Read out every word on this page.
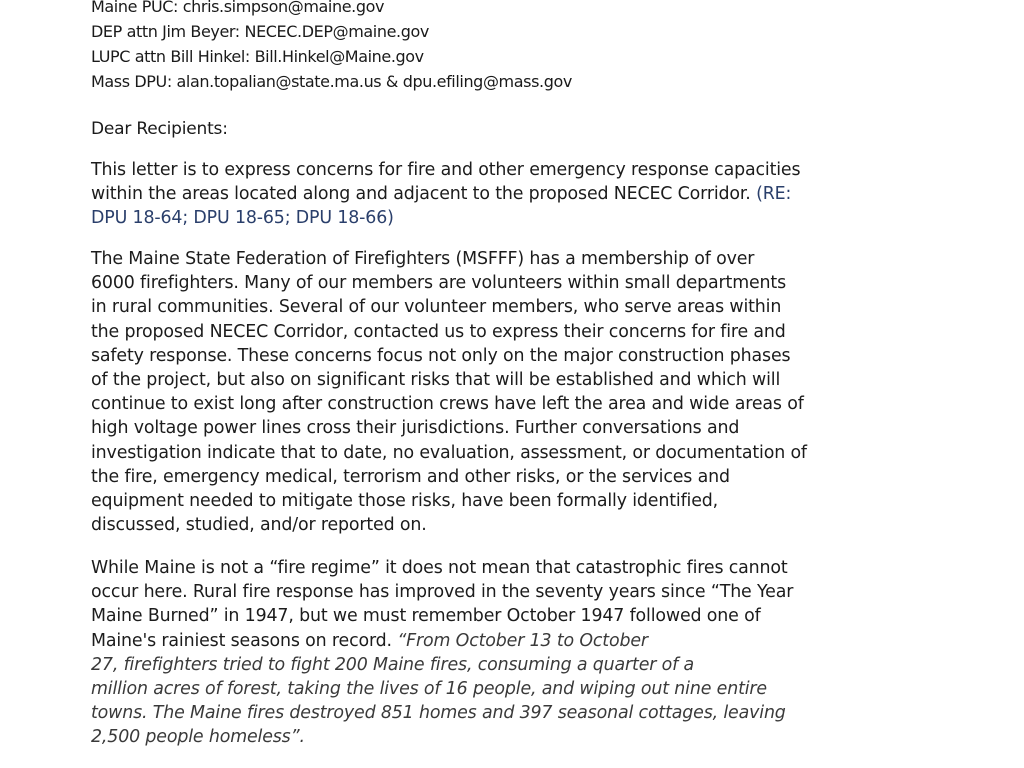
Maine PUC: chris.simpson@maine.gov
DEP attn Jim Beyer: NECEC.DEP@maine.gov
LUPC attn Bill Hinkel: Bill.Hinkel@Maine.gov
Mass DPU: alan.topalian@state.ma.us & dpu.efiling@mass.gov
Dear Recipients:
This letter is to express concerns for fire and other emergency response capacities
within the areas located along and adjacent to the proposed NECEC Corridor. (RE:
DPU 18-64; DPU 18-65; DPU 18-66)
The Maine State Federation of Firefighters (MSFFF) has a membership of over
6000 firefighters. Many of our members are volunteers within small departments
in rural communities. Several of our volunteer members, who serve areas within
the proposed NECEC Corridor, contacted us to express their concerns for fire and
safety response. These concerns focus not only on the major construction phases
of the project, but also on significant risks that will be established and which will
continue to exist long after construction crews have left the area and wide areas of
high voltage power lines cross their jurisdictions. Further conversations and
investigation indicate that to date, no evaluation, assessment, or documentation of
the fire, emergency medical, terrorism and other risks, or the services and
equipment needed to mitigate those risks, have been formally identified,
discussed, studied, and/or reported on.
While Maine is not a “fire regime” it does not mean that catastrophic fires cannot
occur here. Rural fire response has improved in the seventy years since “The Year
Maine Burned” in 1947, but we must remember October 1947 followed one of
Maine's rainiest seasons on record. “From October 13 to October
27, firefighters tried to fight 200 Maine fires, consuming a quarter of a
million acres of forest, taking the lives of 16 people, and wiping out nine entire
towns. The Maine fires destroyed 851 homes and 397 seasonal cottages, leaving
2,500 people homeless”.
